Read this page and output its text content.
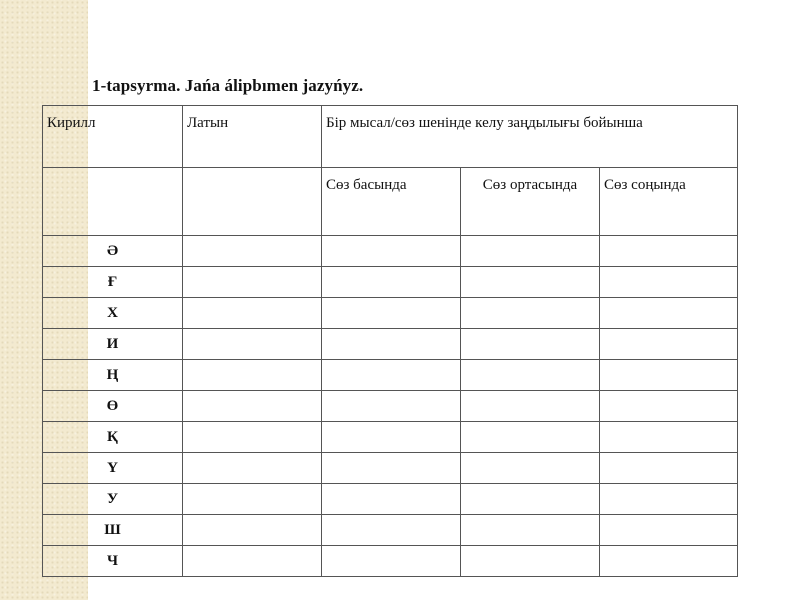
1-tapsyrma. Jańa álipbımen jazyńyz.
Кирилл	Латын	Бір мысал/сөз шенінде келу заңдылығы бойынша		
		Сөз басында	Сөз ортасында	Сөз соңында
Ә				
Ғ				
Х				
И				
Ң				
Ө				
Қ				
Ү				
У				
Ш				
Ч				
